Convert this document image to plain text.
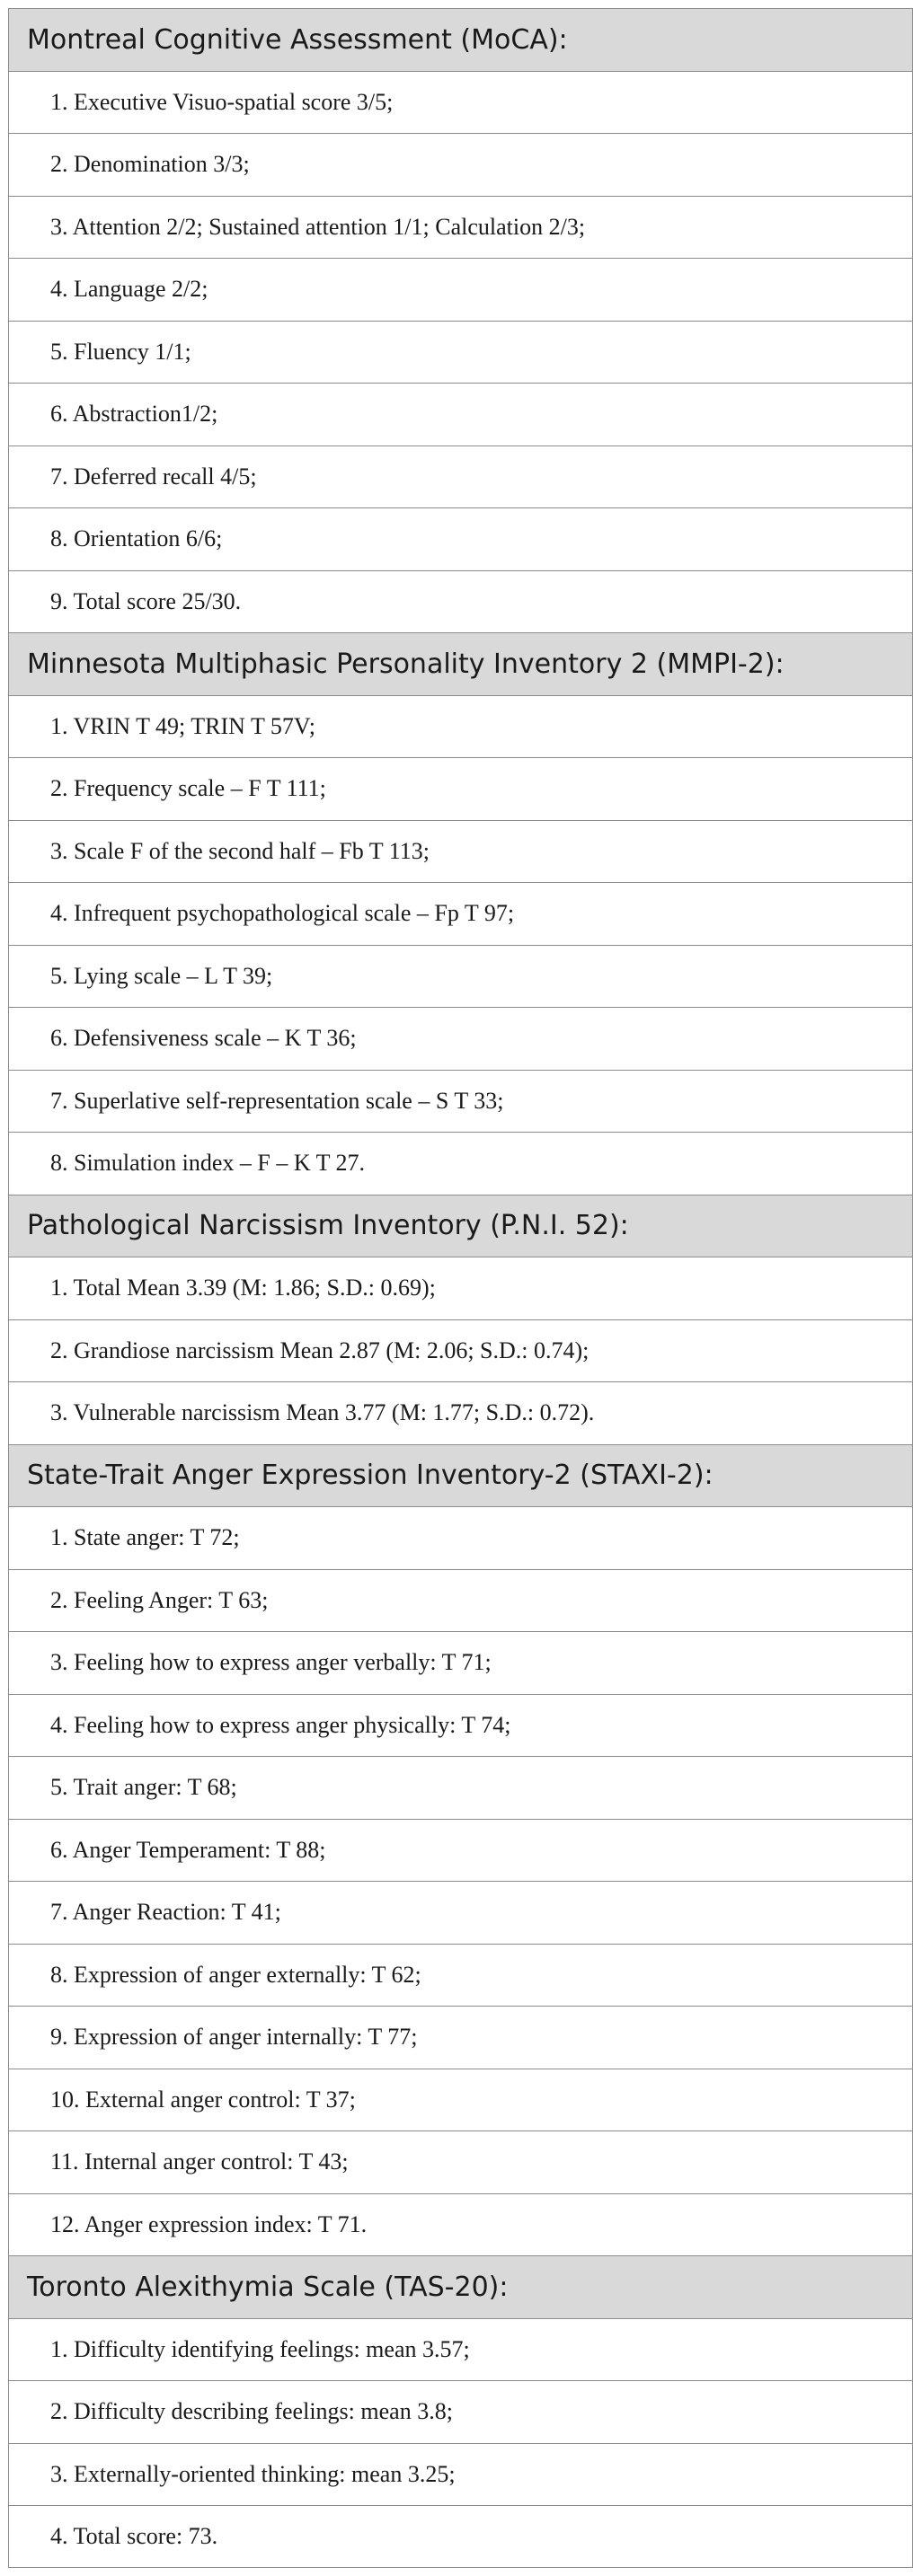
Montreal Cognitive Assessment (MoCA):
1. Executive Visuo-spatial score 3/5;
2. Denomination 3/3;
3. Attention 2/2; Sustained attention 1/1; Calculation 2/3;
4. Language 2/2;
5. Fluency 1/1;
6. Abstraction1/2;
7. Deferred recall 4/5;
8. Orientation 6/6;
9. Total score 25/30.
Minnesota Multiphasic Personality Inventory 2 (MMPI-2):
1. VRIN T 49; TRIN T 57V;
2. Frequency scale – F T 111;
3. Scale F of the second half – Fb T 113;
4. Infrequent psychopathological scale – Fp T 97;
5. Lying scale – L T 39;
6. Defensiveness scale – K T 36;
7. Superlative self-representation scale – S T 33;
8. Simulation index – F – K T 27.
Pathological Narcissism Inventory (P.N.I. 52):
1. Total Mean 3.39 (M: 1.86; S.D.: 0.69);
2. Grandiose narcissism Mean 2.87 (M: 2.06; S.D.: 0.74);
3. Vulnerable narcissism Mean 3.77 (M: 1.77; S.D.: 0.72).
State-Trait Anger Expression Inventory-2 (STAXI-2):
1. State anger: T 72;
2. Feeling Anger: T 63;
3. Feeling how to express anger verbally: T 71;
4. Feeling how to express anger physically: T 74;
5. Trait anger: T 68;
6. Anger Temperament: T 88;
7. Anger Reaction: T 41;
8. Expression of anger externally: T 62;
9. Expression of anger internally: T 77;
10. External anger control: T 37;
11. Internal anger control: T 43;
12. Anger expression index: T 71.
Toronto Alexithymia Scale (TAS-20):
1. Difficulty identifying feelings: mean 3.57;
2. Difficulty describing feelings: mean 3.8;
3. Externally-oriented thinking: mean 3.25;
4. Total score: 73.
